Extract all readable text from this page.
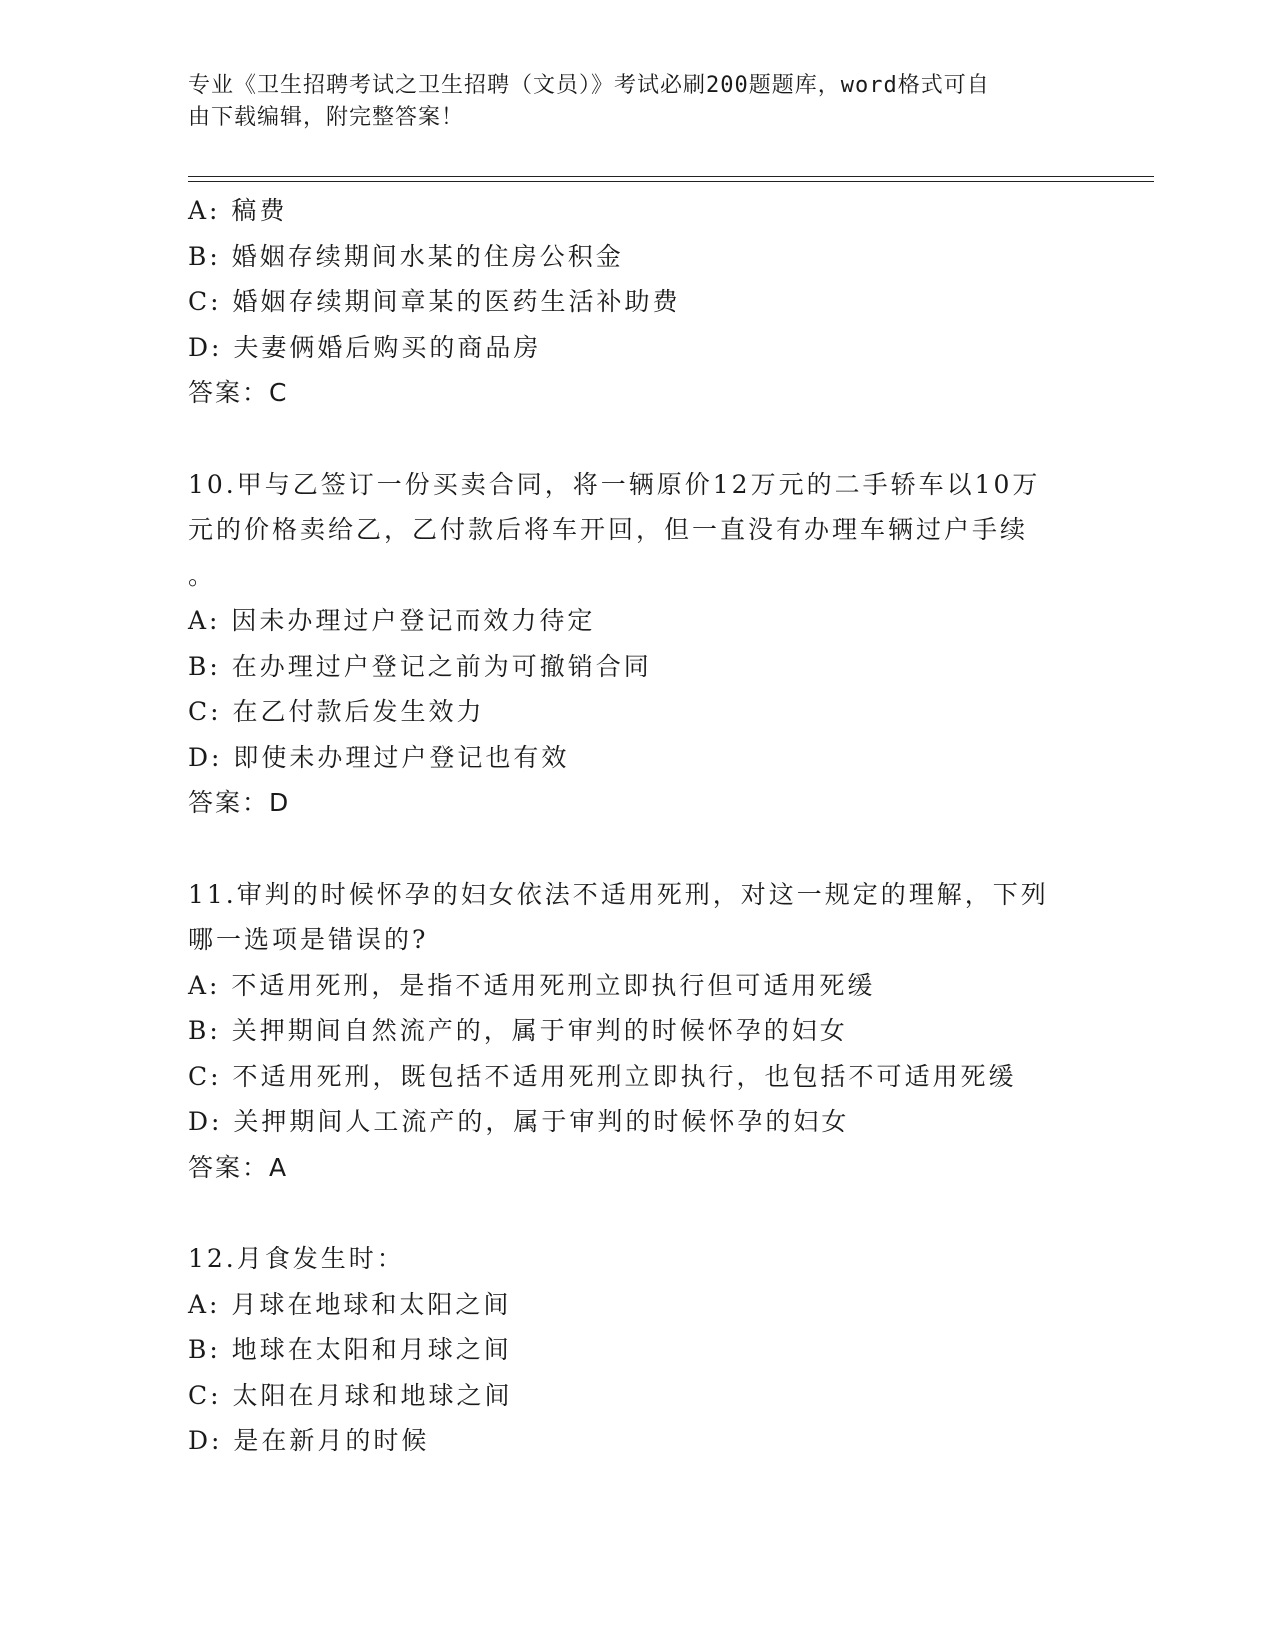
专业《卫生招聘考试之卫生招聘（文员）》考试必刷200题题库，word格式可自
由下载编辑，附完整答案！
A: 稿费
B: 婚姻存续期间水某的住房公积金
C: 婚姻存续期间章某的医药生活补助费
D: 夫妻俩婚后购买的商品房
答案：C
10.甲与乙签订一份买卖合同，将一辆原价12万元的二手轿车以10万
元的价格卖给乙，乙付款后将车开回，但一直没有办理车辆过户手续
。
A: 因未办理过户登记而效力待定
B: 在办理过户登记之前为可撤销合同
C: 在乙付款后发生效力
D: 即使未办理过户登记也有效
答案：D
11.审判的时候怀孕的妇女依法不适用死刑，对这一规定的理解，下列
哪一选项是错误的?
A: 不适用死刑，是指不适用死刑立即执行但可适用死缓
B: 关押期间自然流产的，属于审判的时候怀孕的妇女
C: 不适用死刑，既包括不适用死刑立即执行，也包括不可适用死缓
D: 关押期间人工流产的，属于审判的时候怀孕的妇女
答案：A
12.月食发生时：
A: 月球在地球和太阳之间
B: 地球在太阳和月球之间
C: 太阳在月球和地球之间
D: 是在新月的时候
